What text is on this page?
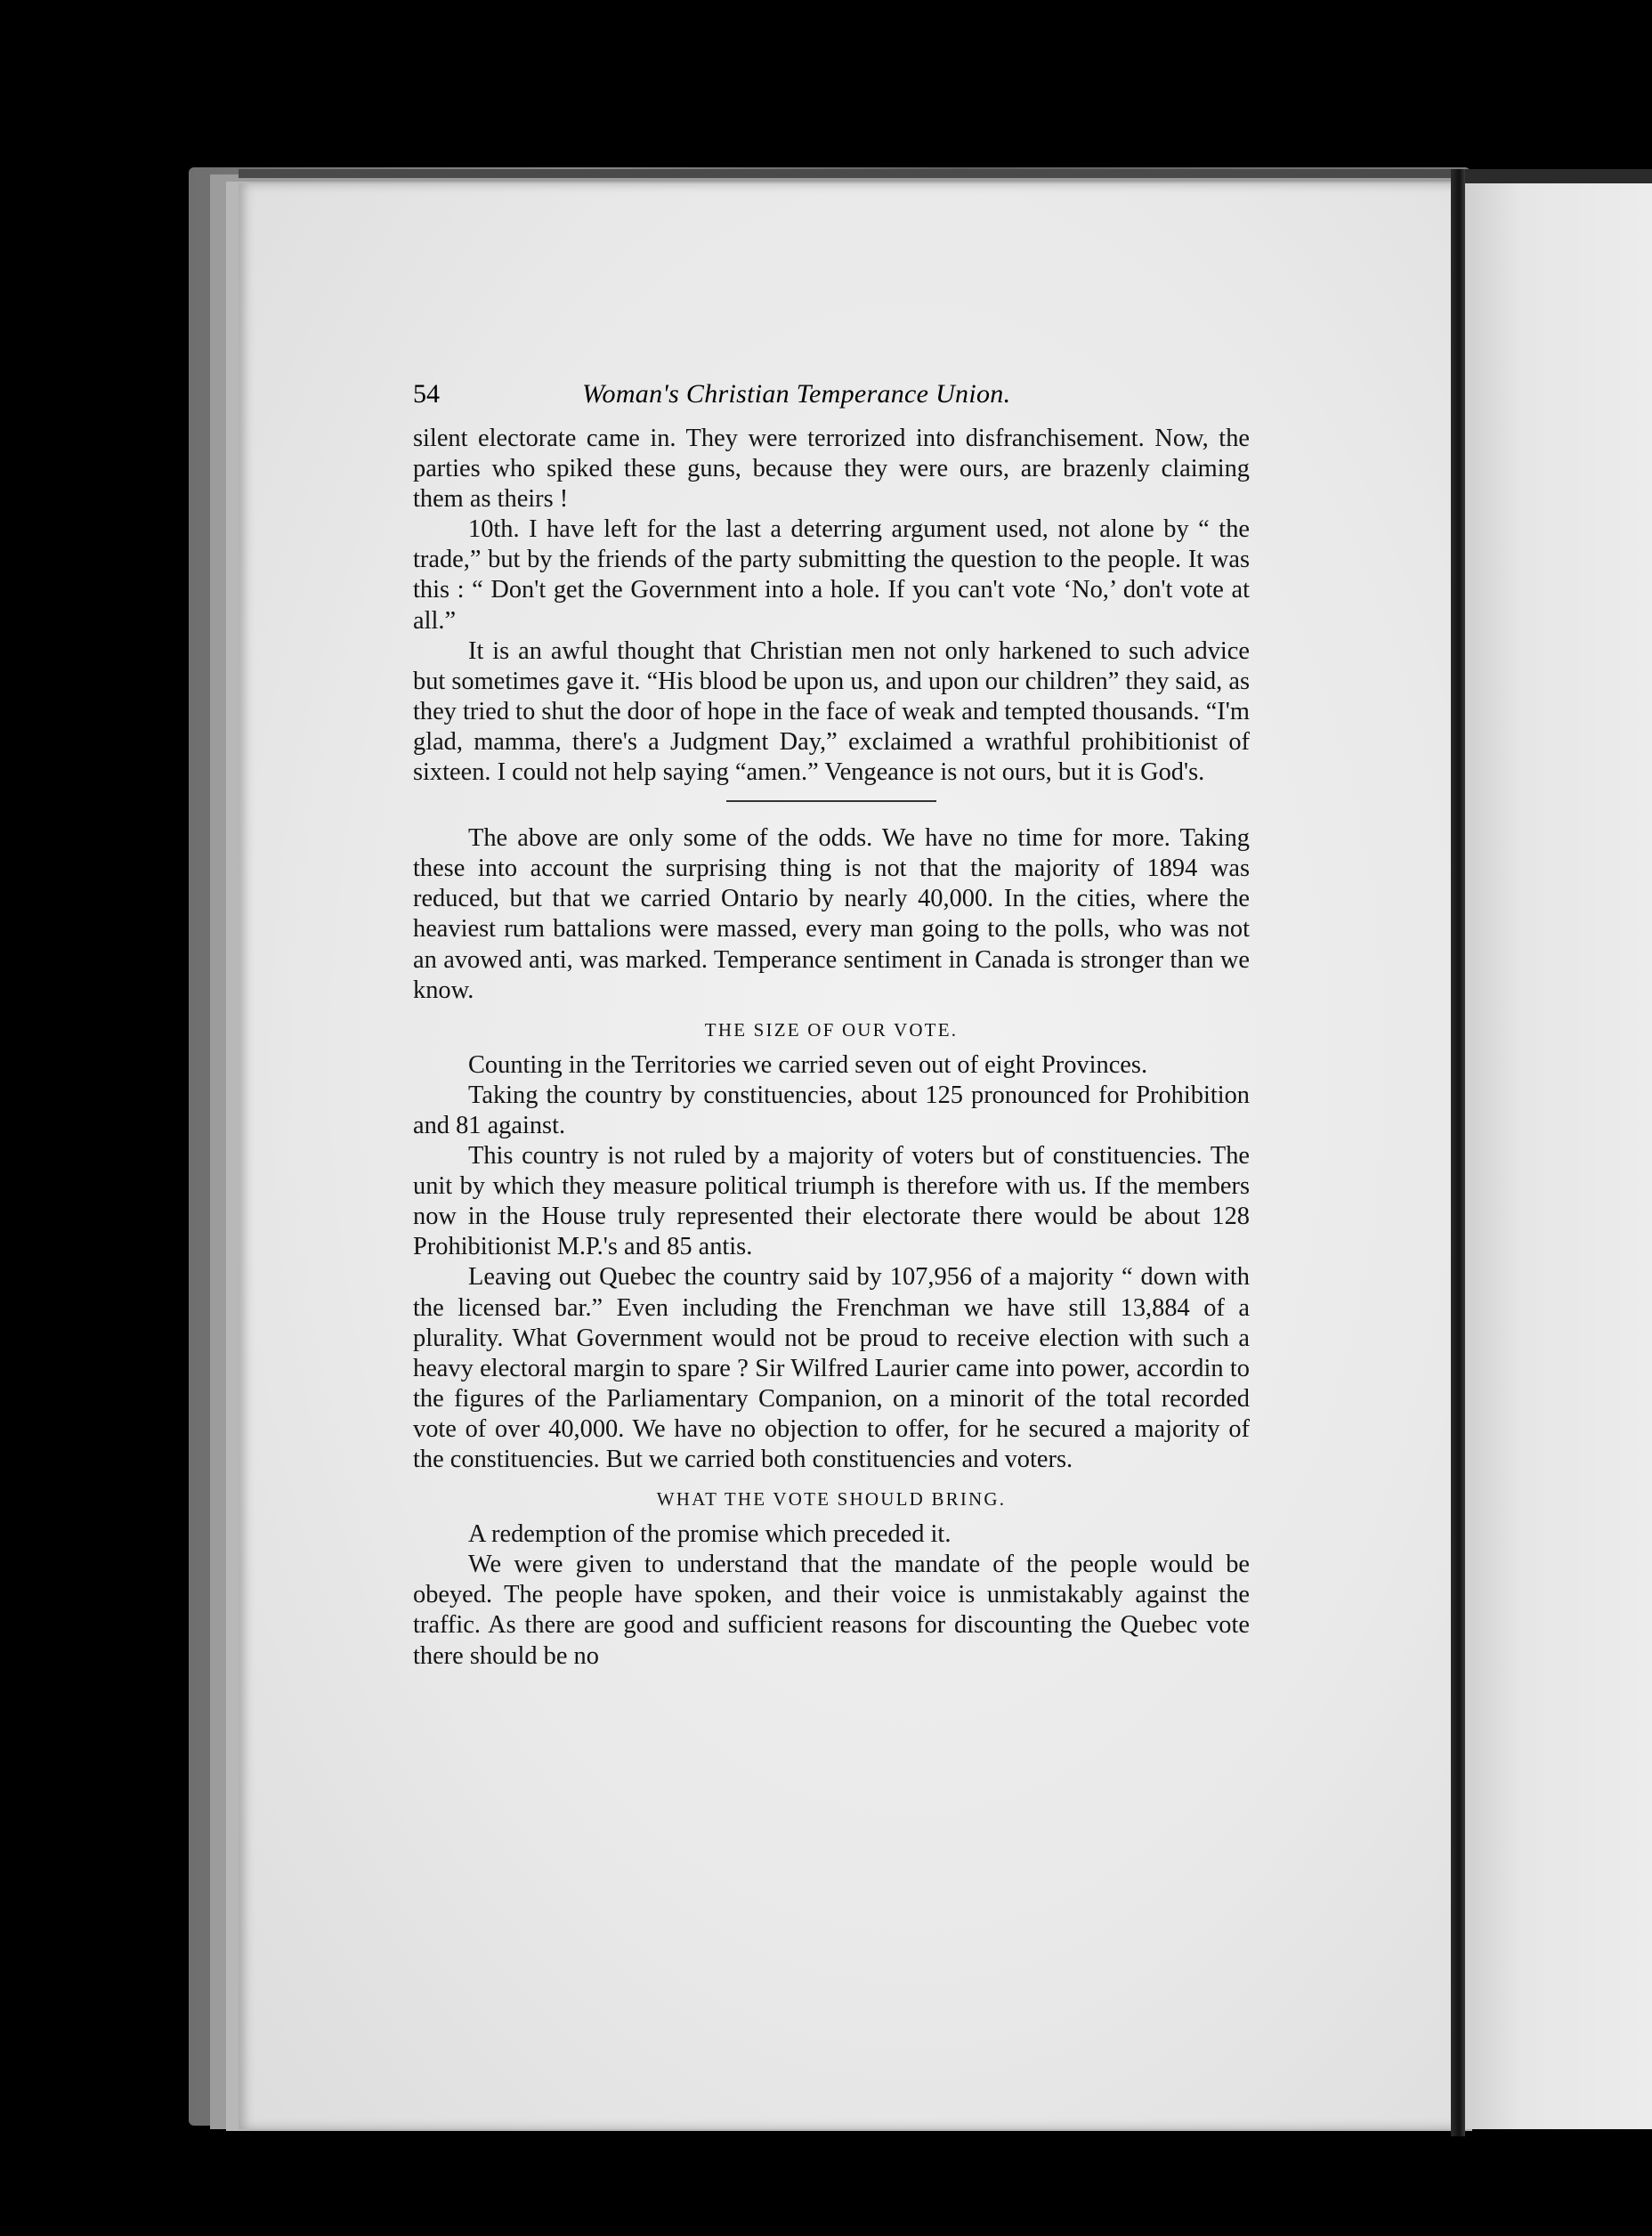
54	Woman's Christian Temperance Union.

silent electorate came in. They were terrorized into disfranchisement. Now, the parties who spiked these guns, because they were ours, are brazenly claiming them as theirs !

10th. I have left for the last a deterring argument used, not alone by “ the trade,” but by the friends of the party submitting the question to the people. It was this : “ Don't get the Government into a hole. If you can't vote ‘No,’ don't vote at all.”

It is an awful thought that Christian men not only harkened to such advice but sometimes gave it. “His blood be upon us, and upon our children” they said, as they tried to shut the door of hope in the face of weak and tempted thousands. “I'm glad, mamma, there's a Judgment Day,” exclaimed a wrathful prohibitionist of sixteen. I could not help saying “amen.” Vengeance is not ours, but it is God's.

The above are only some of the odds. We have no time for more. Taking these into account the surprising thing is not that the majority of 1894 was reduced, but that we carried Ontario by nearly 40,000. In the cities, where the heaviest rum battalions were massed, every man going to the polls, who was not an avowed anti, was marked. Temperance sentiment in Canada is stronger than we know.

THE SIZE OF OUR VOTE.

Counting in the Territories we carried seven out of eight Provinces.

Taking the country by constituencies, about 125 pronounced for Prohibition and 81 against.

This country is not ruled by a majority of voters but of constituencies. The unit by which they measure political triumph is therefore with us. If the members now in the House truly represented their electorate there would be about 128 Prohibitionist M.P.'s and 85 antis.

Leaving out Quebec the country said by 107,956 of a majority “ down with the licensed bar.” Even including the Frenchman we have still 13,884 of a plurality. What Government would not be proud to receive election with such a heavy electoral margin to spare ? Sir Wilfred Laurier came into power, accordin to the figures of the Parliamentary Companion, on a minorit of the total recorded vote of over 40,000. We have no objection to offer, for he secured a majority of the constituencies. But we carried both constituencies and voters.

WHAT THE VOTE SHOULD BRING.

A redemption of the promise which preceded it.

We were given to understand that the mandate of the people would be obeyed. The people have spoken, and their voice is unmistakably against the traffic. As there are good and sufficient reasons for discounting the Quebec vote there should be no
